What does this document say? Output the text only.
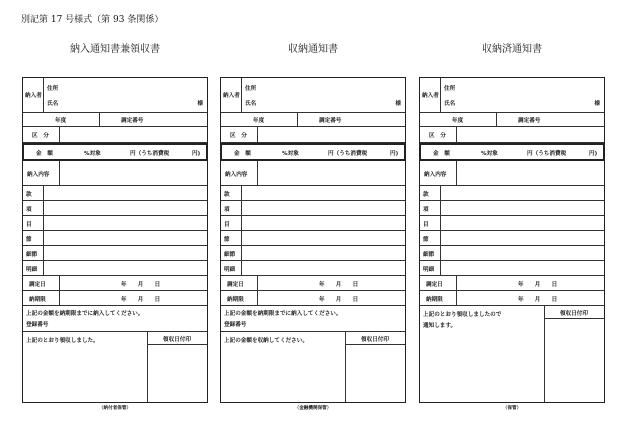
別記第 17 号様式（第 93 条関係）
納入通知書兼領収書
納入者
住所
氏名	様
年度	調定番号
区　分
金　額	%対象	円（うち消費税	円)
納入内容
款
項
目
節
細節
明細
調定日	年　　月　　日
納期限	年　　月　　日
上記の金額を納期限までに納入してください。
登録番号
上記のとおり領収しました。	領収日付印
（納付者保管）
収納通知書
納入者
住所
氏名	様
年度	調定番号
区　分
金　額	%対象	円（うち消費税	円)
納入内容
款
項
目
節
細節
明細
調定日	年　　月　　日
納期限	年　　月　　日
上記の金額を納期限までに納入してください。
登録番号
上記の金額を収納してください。	領収日付印
（金融機関保管）
収納済通知書
納入者
住所
氏名	様
年度	調定番号
区　分
金　額	%対象	円（うち消費税	円)
納入内容
款
項
目
節
細節
明細
調定日	年　　月　　日
納期限	年　　月　　日
上記のとおり領収しましたので
通知します。
領収日付印
（保管）
